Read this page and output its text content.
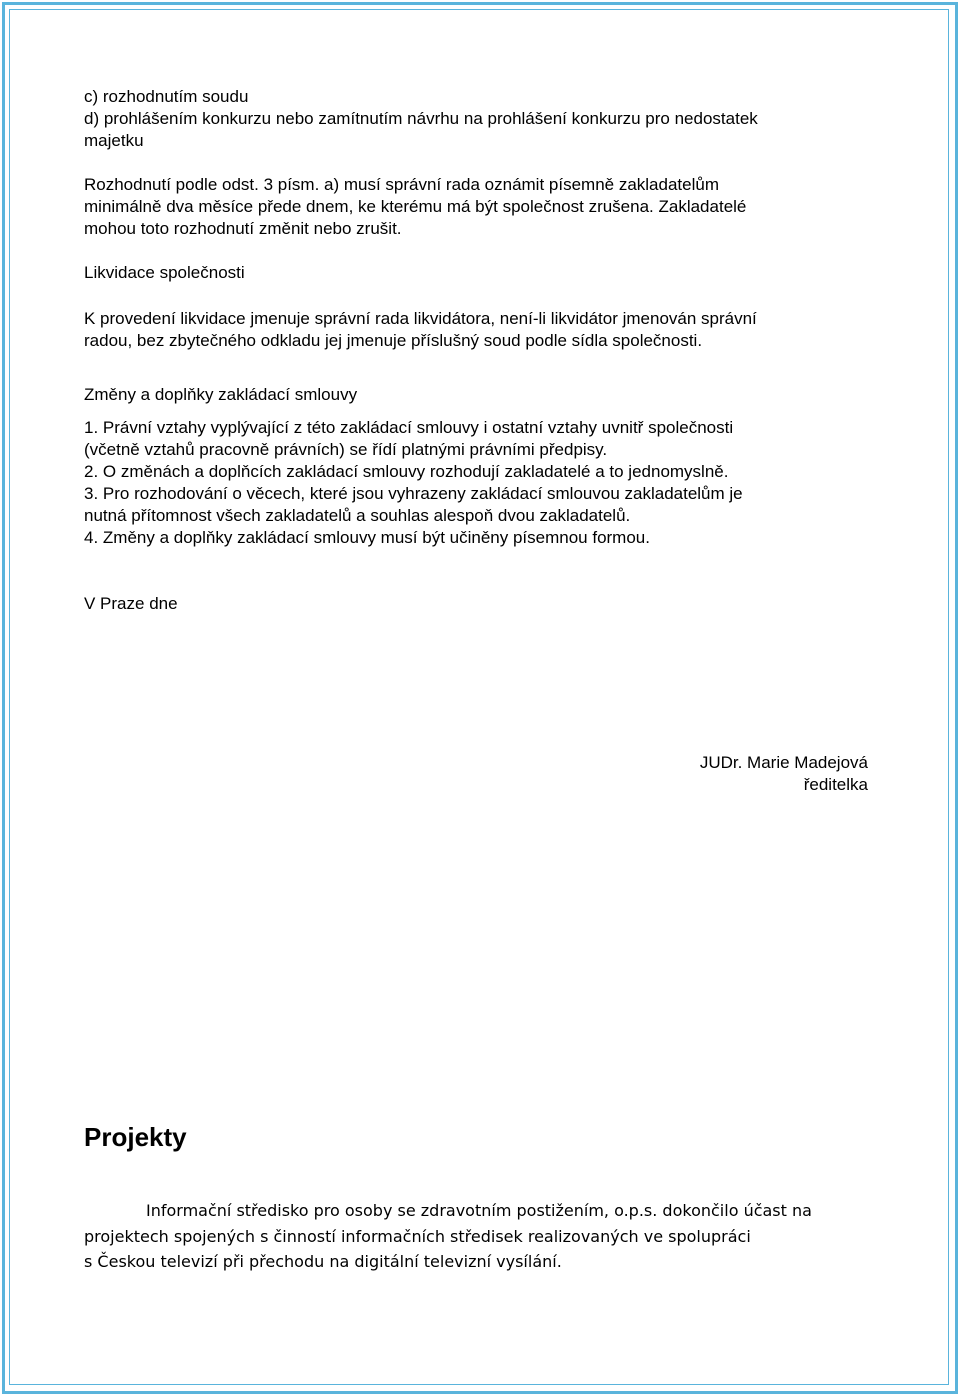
c) rozhodnutím soudu
d) prohlášením konkurzu nebo zamítnutím návrhu na prohlášení konkurzu pro nedostatek
majetku
Rozhodnutí podle odst. 3 písm. a) musí správní rada oznámit písemně zakladatelům
minimálně dva měsíce přede dnem, ke kterému má být společnost zrušena. Zakladatelé
mohou toto rozhodnutí změnit nebo zrušit.
Likvidace společnosti
K provedení likvidace jmenuje správní rada likvidátora, není-li likvidátor jmenován správní
radou, bez zbytečného odkladu jej jmenuje příslušný soud podle sídla společnosti.
Změny a doplňky zakládací smlouvy
1. Právní vztahy vyplývající z této zakládací smlouvy i ostatní vztahy uvnitř společnosti
(včetně vztahů pracovně právních) se řídí platnými právními předpisy.
2. O změnách a doplňcích zakládací smlouvy rozhodují zakladatelé a to jednomyslně.
3. Pro rozhodování o věcech, které jsou vyhrazeny zakládací smlouvou zakladatelům je
nutná přítomnost všech zakladatelů a souhlas alespoň dvou zakladatelů.
4. Změny a doplňky zakládací smlouvy musí být učiněny písemnou formou.
V Praze dne
JUDr. Marie Madejová
ředitelka
Projekty
Informační středisko pro osoby se zdravotním postižením, o.p.s. dokončilo účast na
projektech spojených s činností informačních středisek realizovaných ve spolupráci
s Českou televizí při přechodu na digitální televizní vysílání.
